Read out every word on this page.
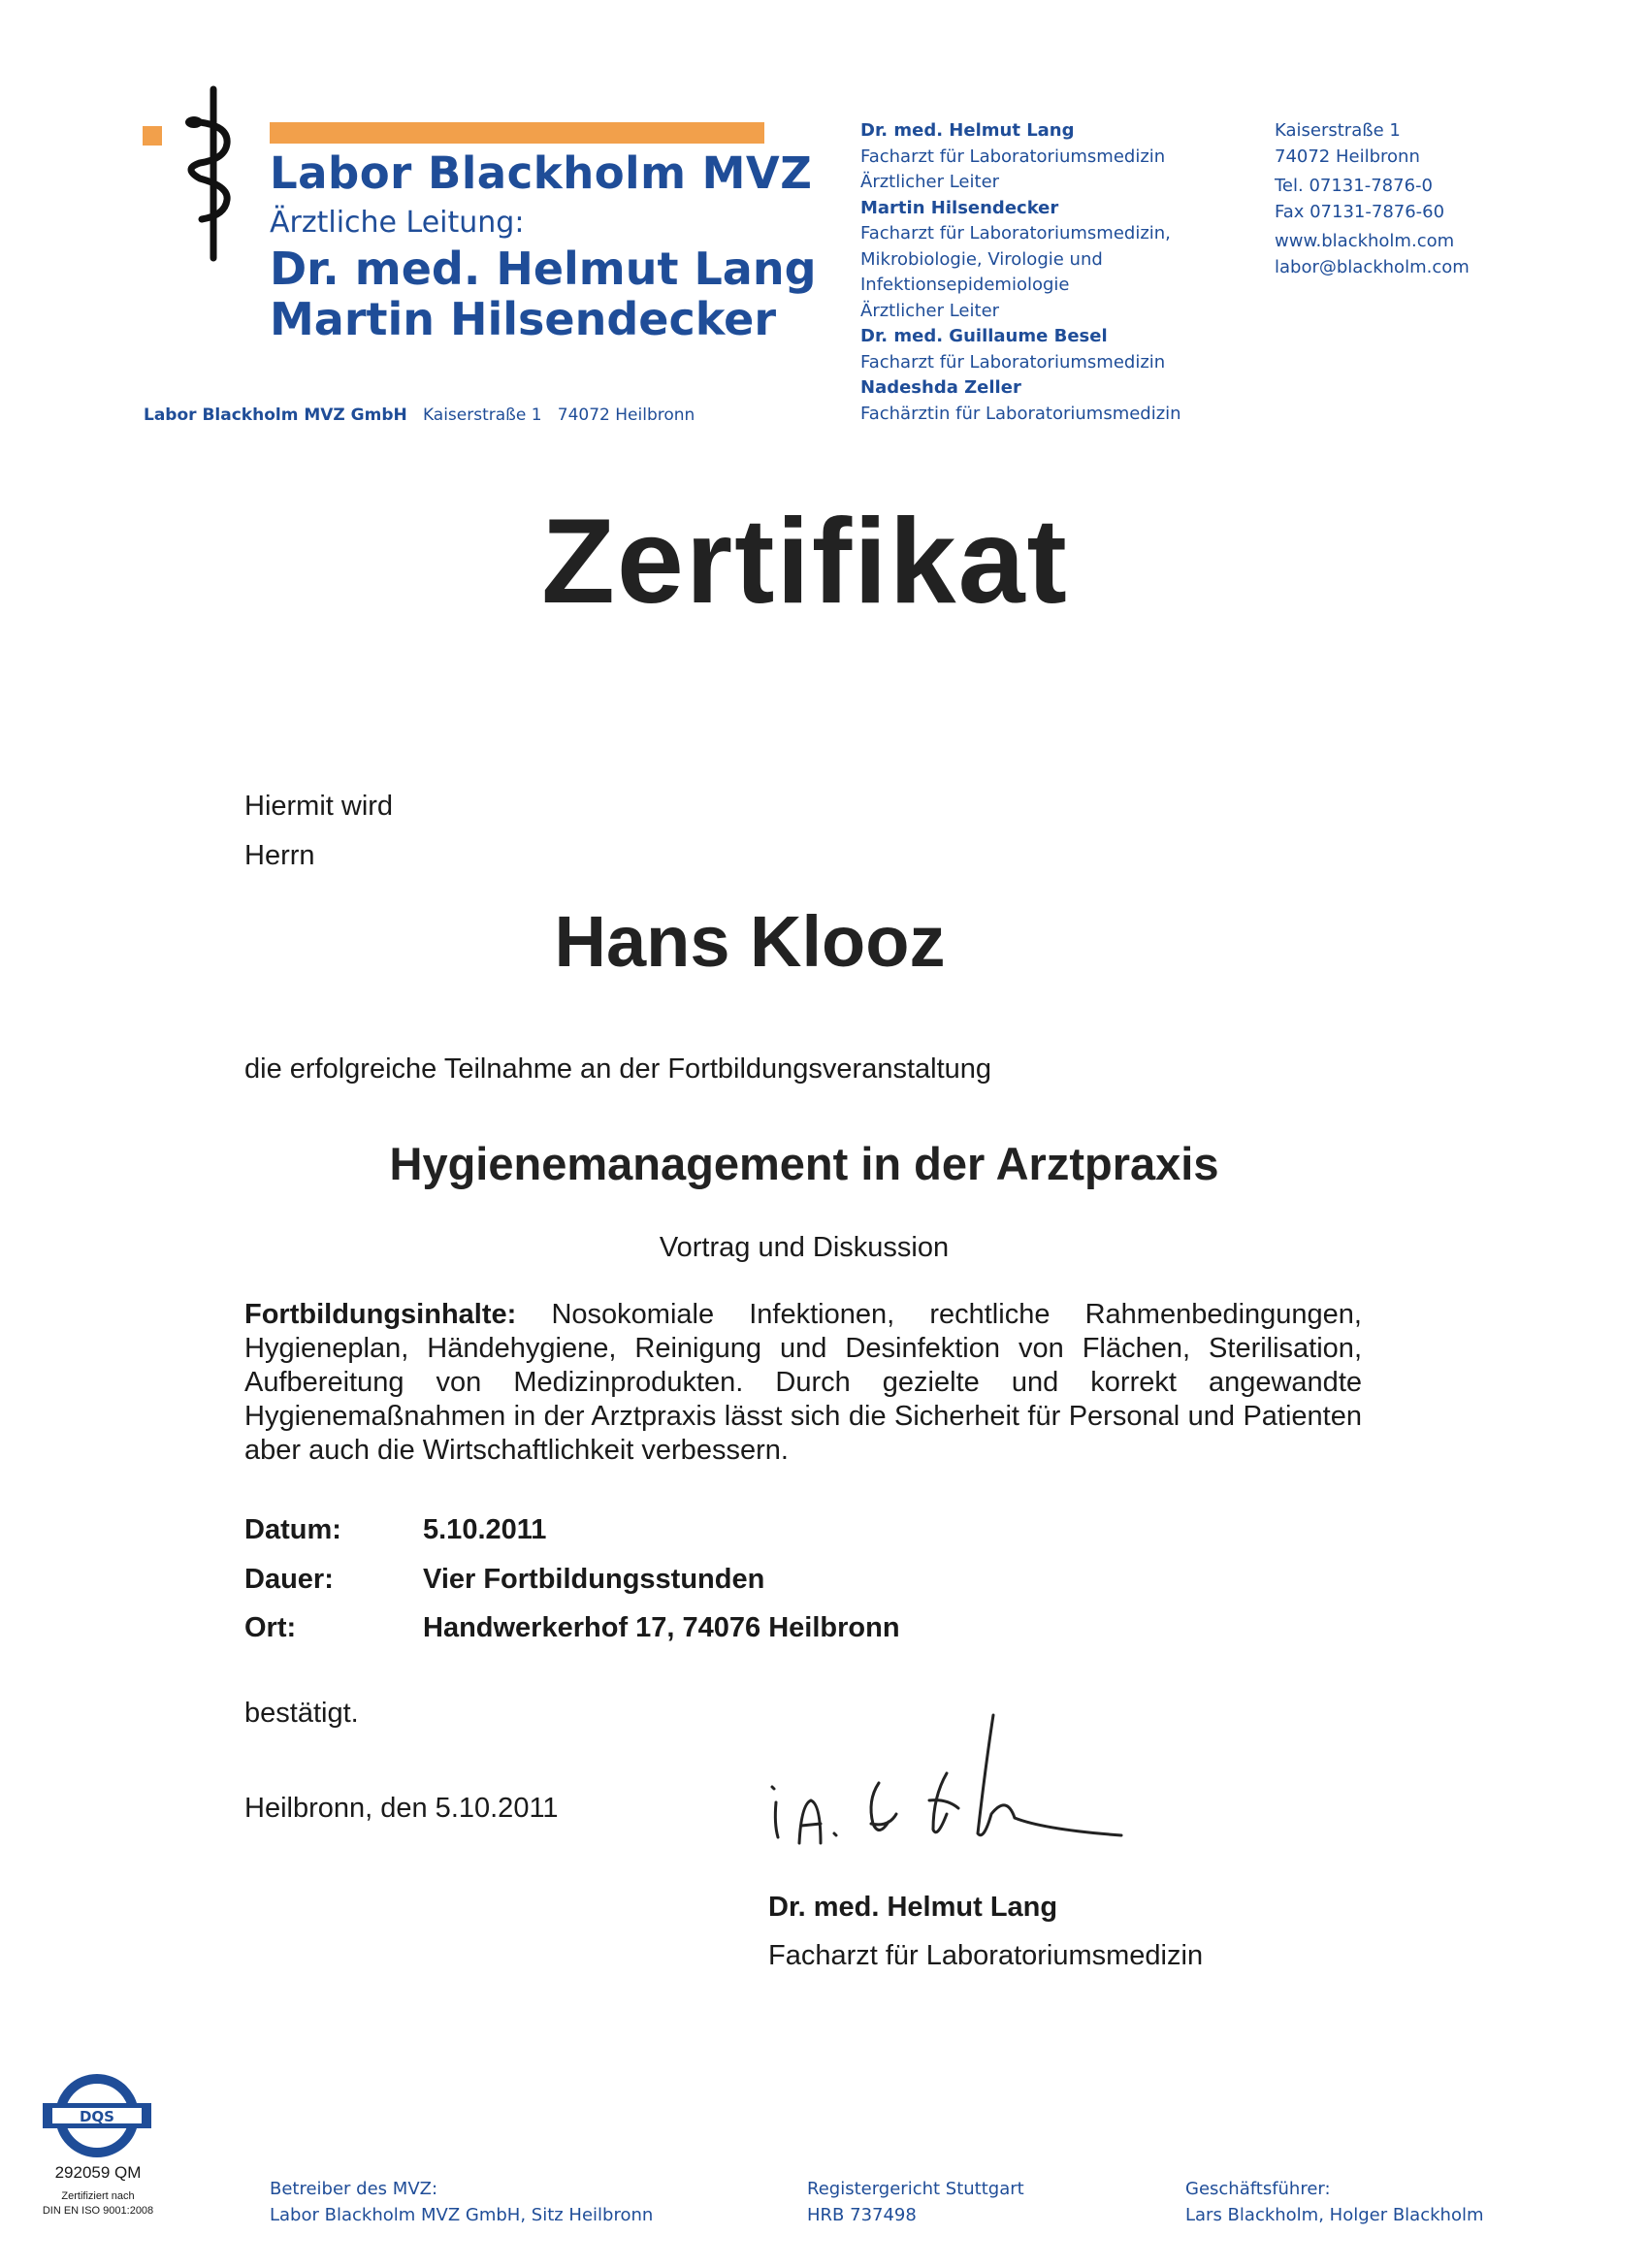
Labor Blackholm MVZ
Ärztliche Leitung:
Dr. med. Helmut Lang
Martin Hilsendecker
Labor Blackholm MVZ GmbH Kaiserstraße 1 74072 Heilbronn
Dr. med. Helmut Lang
Facharzt für Laboratoriumsmedizin
Ärztlicher Leiter
Martin Hilsendecker
Facharzt für Laboratoriumsmedizin,
Mikrobiologie, Virologie und
Infektionsepidemiologie
Ärztlicher Leiter
Dr. med. Guillaume Besel
Facharzt für Laboratoriumsmedizin
Nadeshda Zeller
Fachärztin für Laboratoriumsmedizin
Kaiserstraße 1
74072 Heilbronn
Tel. 07131-7876-0
Fax 07131-7876-60
www.blackholm.com
labor@blackholm.com
Zertifikat
Hiermit wird
Herrn
Hans Klooz
die erfolgreiche Teilnahme an der Fortbildungsveranstaltung
Hygienemanagement in der Arztpraxis
Vortrag und Diskussion
Fortbildungsinhalte: Nosokomiale Infektionen, rechtliche Rahmenbedingungen, Hygieneplan, Händehygiene, Reinigung und Desinfektion von Flächen, Sterilisation, Aufbereitung von Medizinprodukten. Durch gezielte und korrekt angewandte Hygienemaßnahmen in der Arztpraxis lässt sich die Sicherheit für Personal und Patienten aber auch die Wirtschaftlichkeit verbessern.
Datum:	5.10.2011
Dauer:	Vier Fortbildungsstunden
Ort:	Handwerkerhof 17, 74076 Heilbronn
bestätigt.
Heilbronn, den 5.10.2011
Dr. med. Helmut Lang
Facharzt für Laboratoriumsmedizin
DQS
292059 QM
Zertifiziert nach
DIN EN ISO 9001:2008
Betreiber des MVZ:
Labor Blackholm MVZ GmbH, Sitz Heilbronn
Registergericht Stuttgart
HRB 737498
Geschäftsführer:
Lars Blackholm, Holger Blackholm
